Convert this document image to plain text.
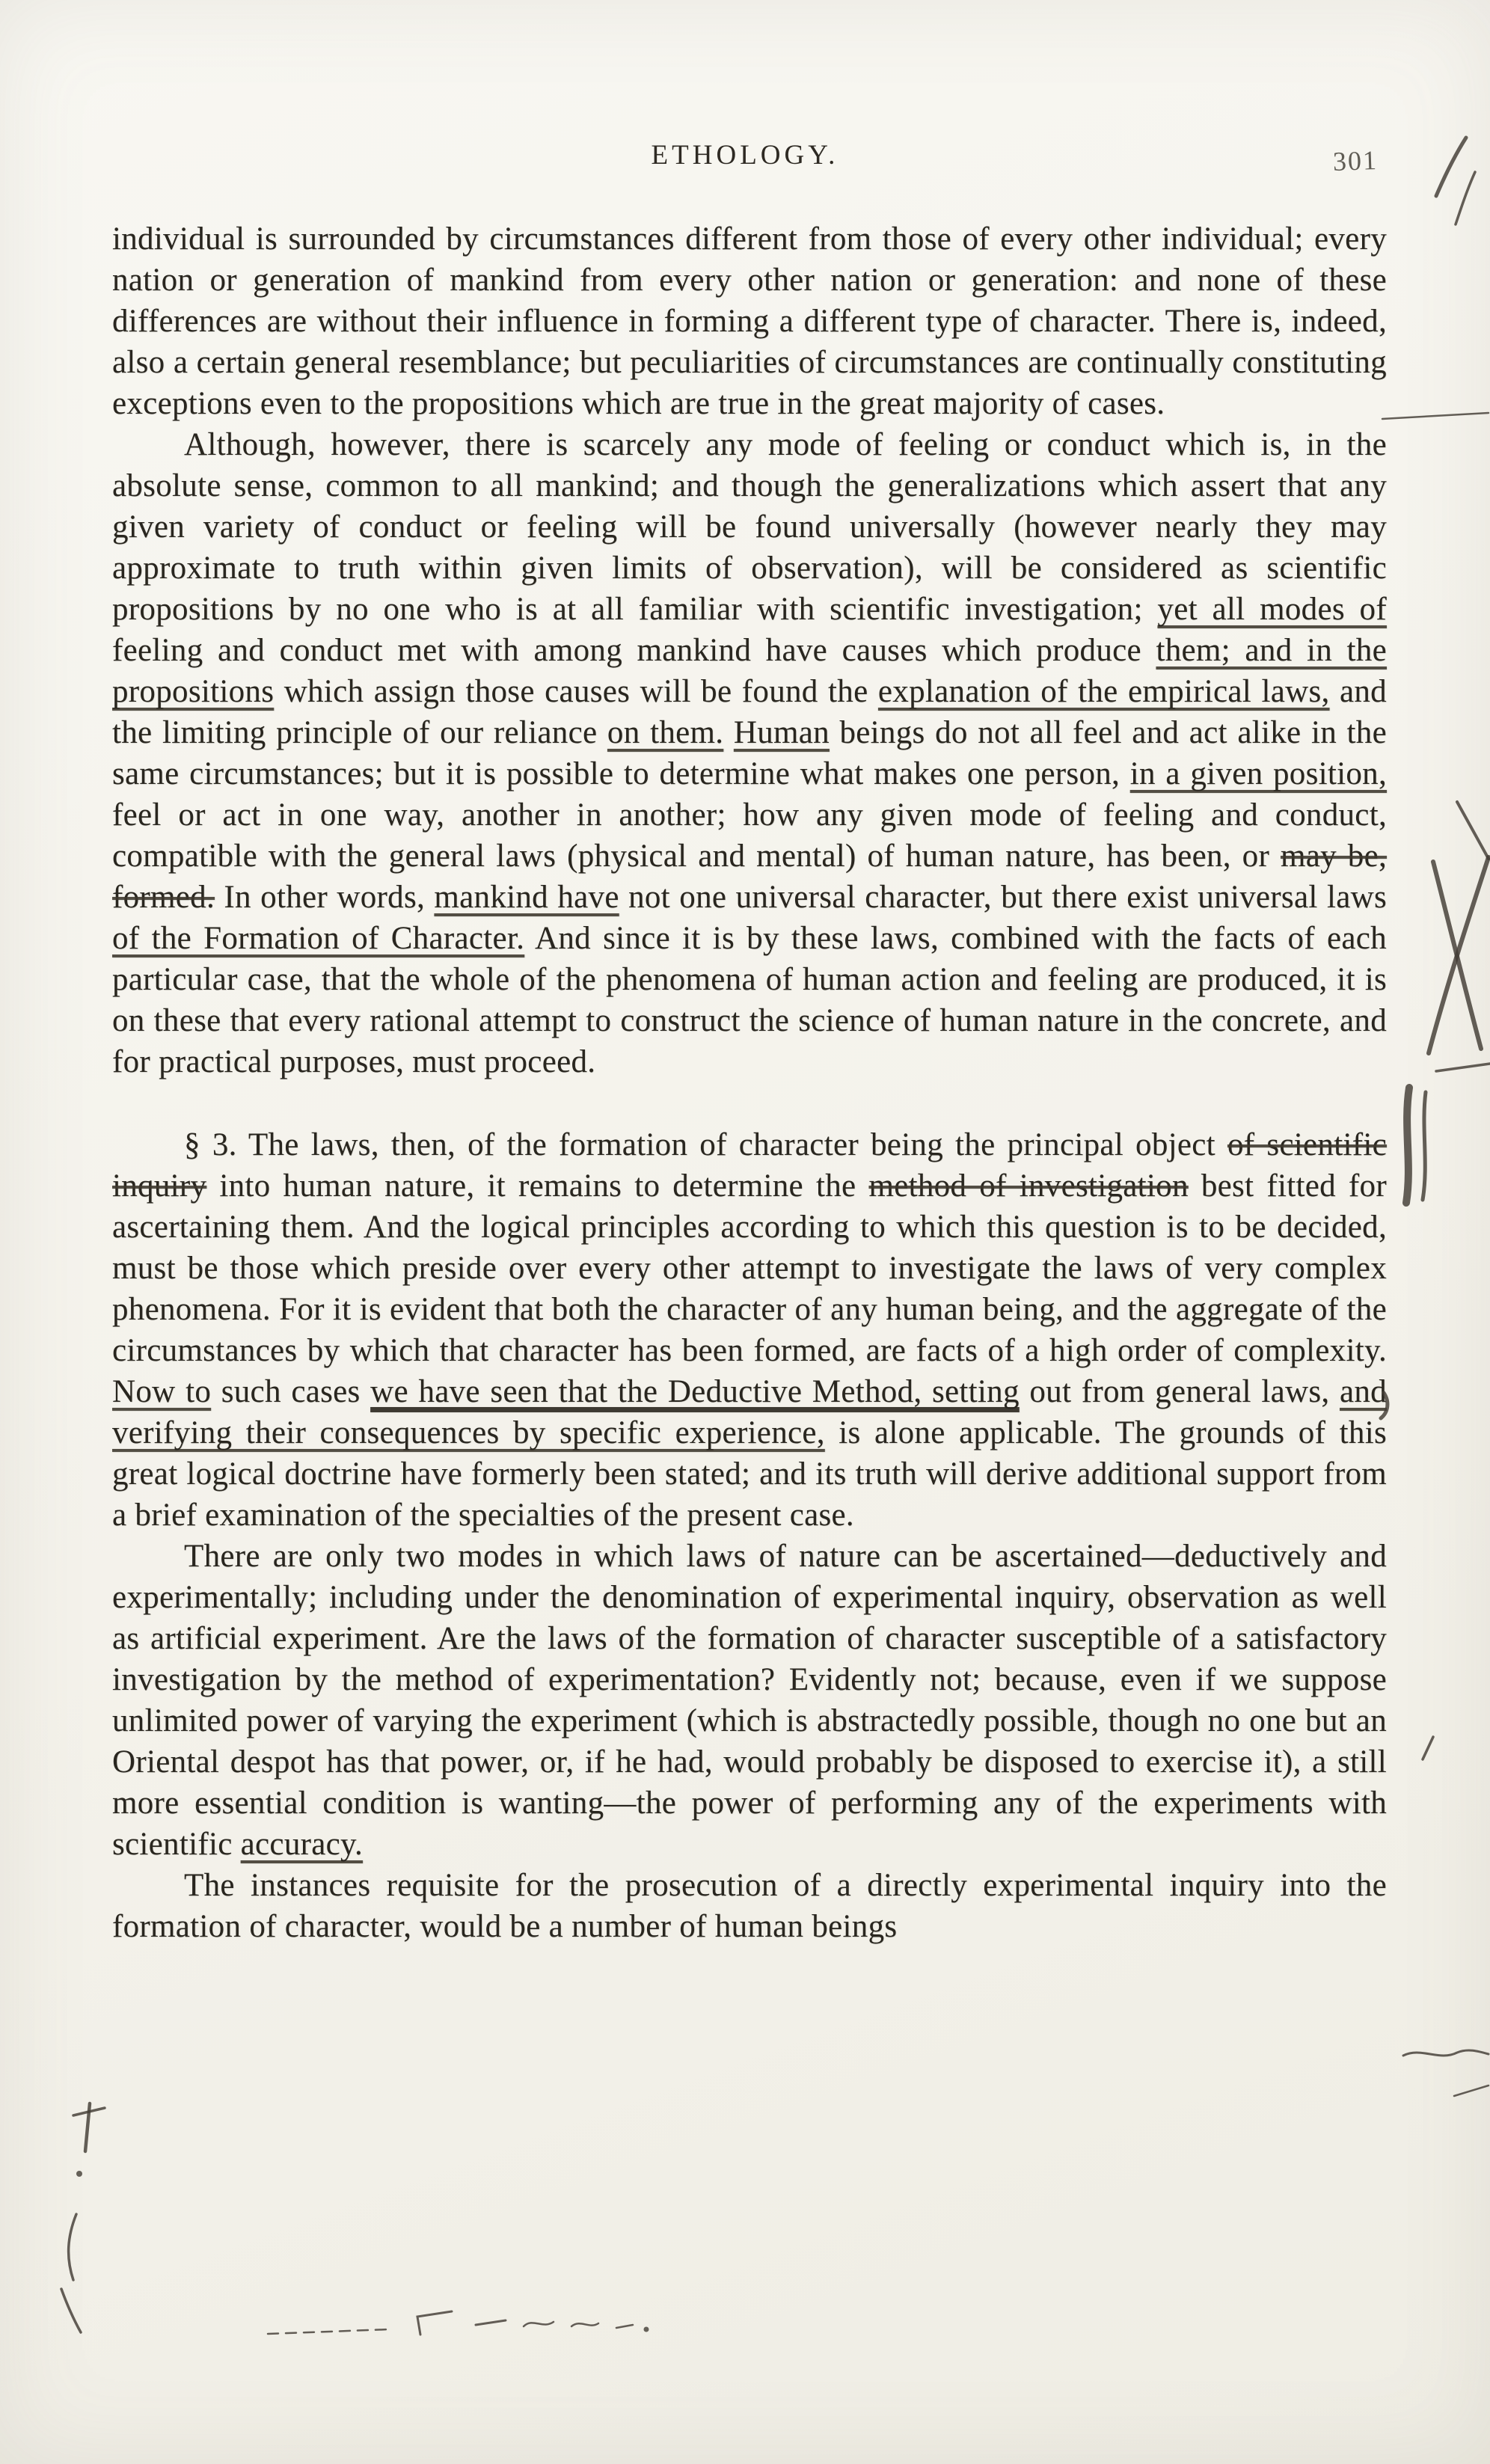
ETHOLOGY.	301

individual is surrounded by circumstances different from those of every other individual; every nation or generation of mankind from every other nation or generation: and none of these differences are without their influence in forming a different type of character. There is, indeed, also a certain general resemblance; but peculiarities of circumstances are continually constituting exceptions even to the propositions which are true in the great majority of cases.

Although, however, there is scarcely any mode of feeling or conduct which is, in the absolute sense, common to all mankind; and though the generalizations which assert that any given variety of conduct or feeling will be found universally (however nearly they may approximate to truth within given limits of observation), will be considered as scientific propositions by no one who is at all familiar with scientific investigation; yet all modes of feeling and conduct met with among mankind have causes which produce them; and in the propositions which assign those causes will be found the explanation of the empirical laws, and the limiting principle of our reliance on them. Human beings do not all feel and act alike in the same circumstances; but it is possible to determine what makes one person, in a given position, feel or act in one way, another in another; how any given mode of feeling and conduct, compatible with the general laws (physical and mental) of human nature, has been, or may be, formed. In other words, mankind have not one universal character, but there exist universal laws of the Formation of Character. And since it is by these laws, combined with the facts of each particular case, that the whole of the phenomena of human action and feeling are produced, it is on these that every rational attempt to construct the science of human nature in the concrete, and for practical purposes, must proceed.

§ 3. The laws, then, of the formation of character being the principal object of scientific inquiry into human nature, it remains to determine the method of investigation best fitted for ascertaining them. And the logical principles according to which this question is to be decided, must be those which preside over every other attempt to investigate the laws of very complex phenomena. For it is evident that both the character of any human being, and the aggregate of the circumstances by which that character has been formed, are facts of a high order of complexity. Now to such cases we have seen that the Deductive Method, setting out from general laws, and verifying their consequences by specific experience, is alone applicable. The grounds of this great logical doctrine have formerly been stated; and its truth will derive additional support from a brief examination of the specialties of the present case.

There are only two modes in which laws of nature can be ascertained—deductively and experimentally; including under the denomination of experimental inquiry, observation as well as artificial experiment. Are the laws of the formation of character susceptible of a satisfactory investigation by the method of experimentation? Evidently not; because, even if we suppose unlimited power of varying the experiment (which is abstractedly possible, though no one but an Oriental despot has that power, or, if he had, would probably be disposed to exercise it), a still more essential condition is wanting—the power of performing any of the experiments with scientific accuracy.

The instances requisite for the prosecution of a directly experimental inquiry into the formation of character, would be a number of human beings
